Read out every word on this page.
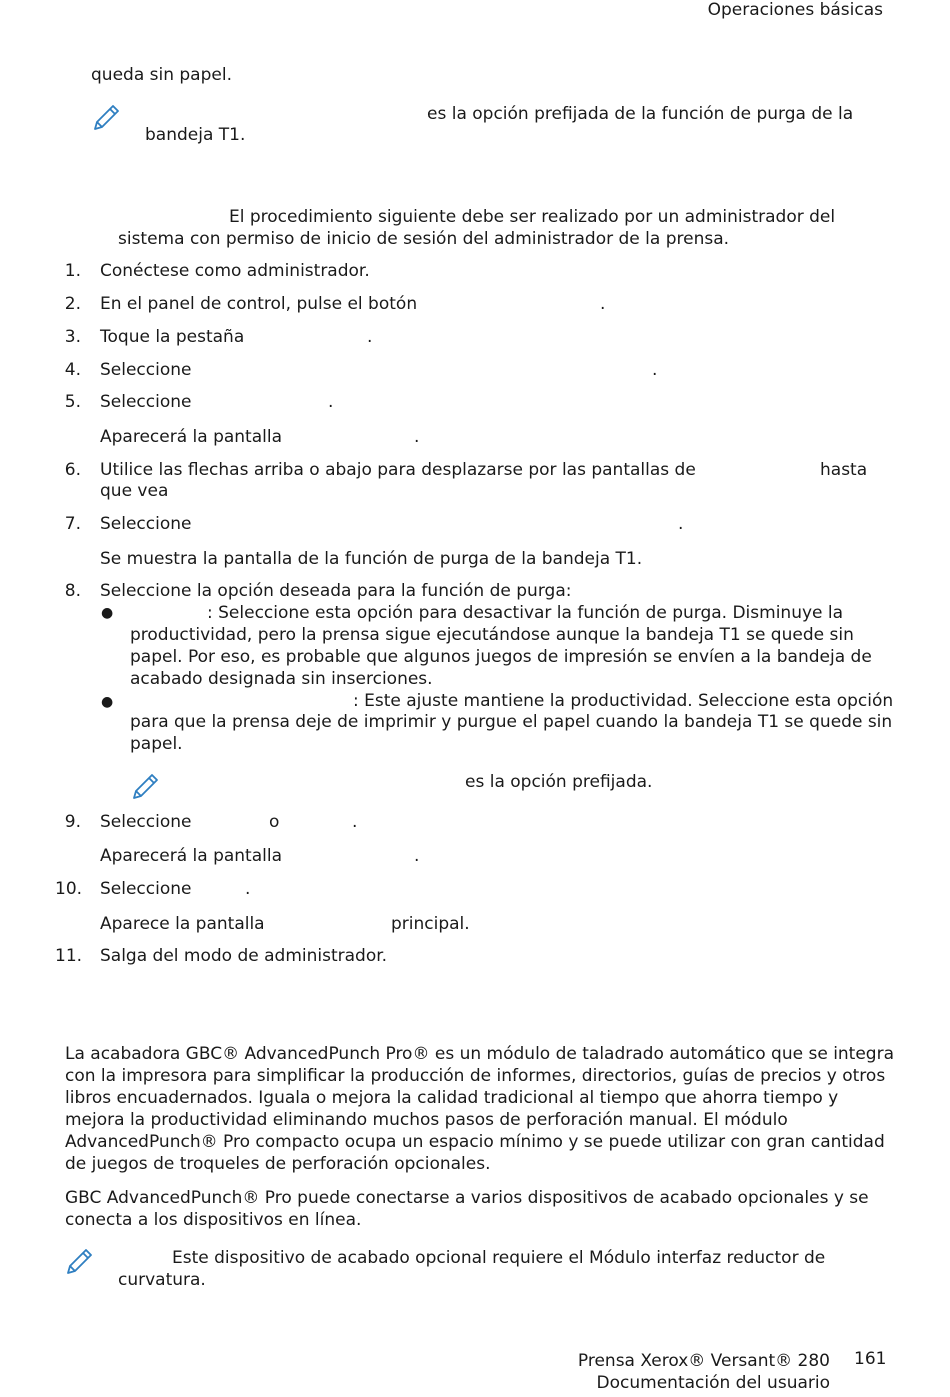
Operaciones básicas
queda sin papel.
es la opción prefijada de la función de purga de la
bandeja T1.
El procedimiento siguiente debe ser realizado por un administrador del
sistema con permiso de inicio de sesión del administrador de la prensa.
1. Conéctese como administrador.
2. En el panel de control, pulse el botón	.
3. Toque la pestaña	.
4. Seleccione	.
5. Seleccione	.
Aparecerá la pantalla	.
6. Utilice las flechas arriba o abajo para desplazarse por las pantallas de	hasta
que vea
7. Seleccione	.
Se muestra la pantalla de la función de purga de la bandeja T1.
8. Seleccione la opción deseada para la función de purga:
●	: Seleccione esta opción para desactivar la función de purga. Disminuye la
productividad, pero la prensa sigue ejecutándose aunque la bandeja T1 se quede sin
papel. Por eso, es probable que algunos juegos de impresión se envíen a la bandeja de
acabado designada sin inserciones.
●	: Este ajuste mantiene la productividad. Seleccione esta opción
para que la prensa deje de imprimir y purgue el papel cuando la bandeja T1 se quede sin
papel.
es la opción prefijada.
9. Seleccione	o	.
Aparecerá la pantalla	.
10. Seleccione	.
Aparece la pantalla	principal.
11. Salga del modo de administrador.
La acabadora GBC® AdvancedPunch Pro® es un módulo de taladrado automático que se integra
con la impresora para simplificar la producción de informes, directorios, guías de precios y otros
libros encuadernados. Iguala o mejora la calidad tradicional al tiempo que ahorra tiempo y
mejora la productividad eliminando muchos pasos de perforación manual. El módulo
AdvancedPunch® Pro compacto ocupa un espacio mínimo y se puede utilizar con gran cantidad
de juegos de troqueles de perforación opcionales.
GBC AdvancedPunch® Pro puede conectarse a varios dispositivos de acabado opcionales y se
conecta a los dispositivos en línea.
Este dispositivo de acabado opcional requiere el Módulo interfaz reductor de
curvatura.
Prensa Xerox® Versant® 280
Documentación del usuario
161
